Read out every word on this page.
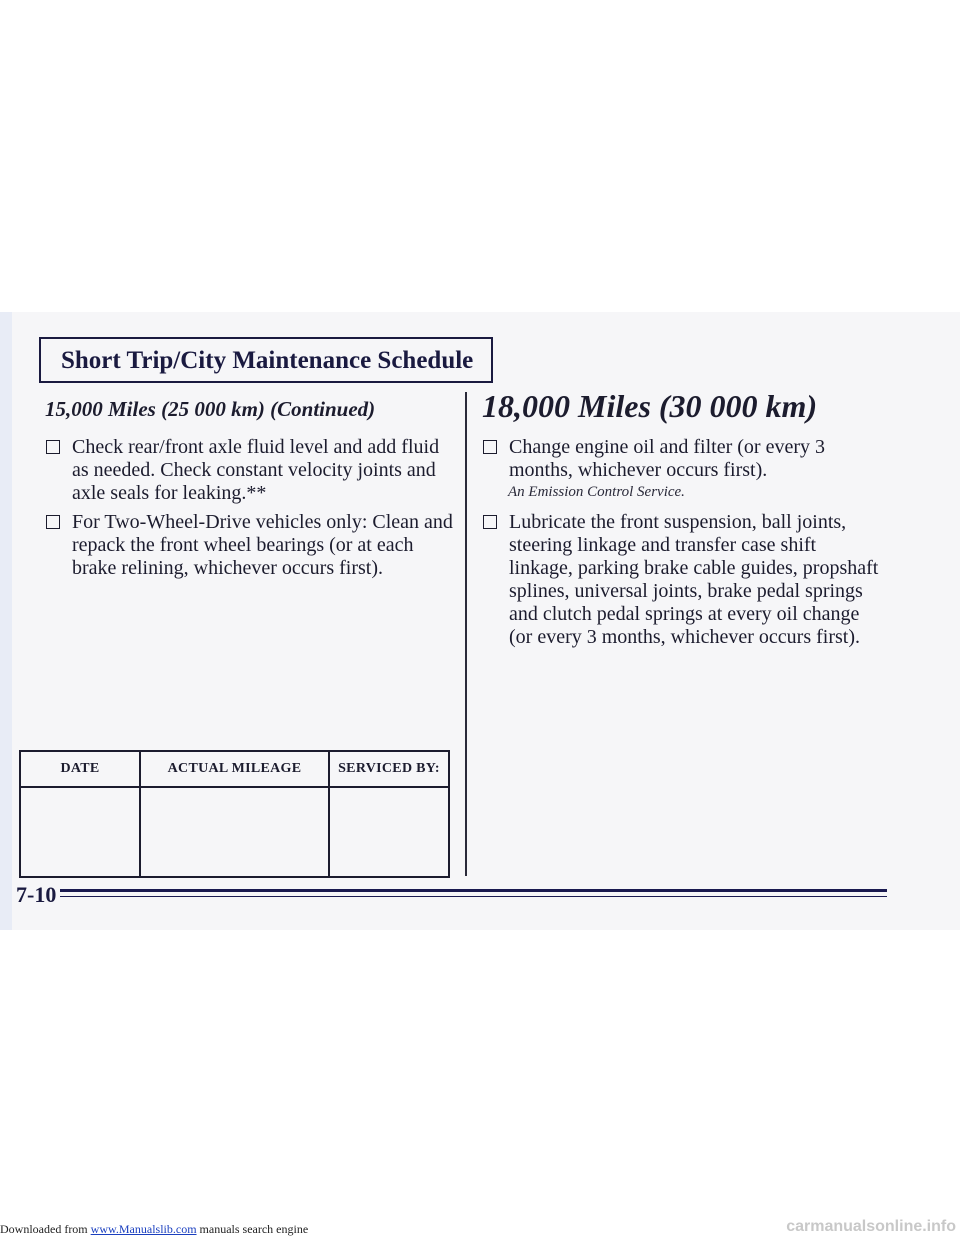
Short Trip/City Maintenance Schedule
15,000 Miles (25 000 km) (Continued)
Check rear/front axle fluid level and add fluid as needed. Check constant velocity joints and axle seals for leaking.**
For Two-Wheel-Drive vehicles only: Clean and repack the front wheel bearings (or at each brake relining, whichever occurs first).
DATE	ACTUAL MILEAGE	SERVICED BY:

18,000 Miles (30 000 km)
Change engine oil and filter (or every 3 months, whichever occurs first).
An Emission Control Service.
Lubricate the front suspension, ball joints, steering linkage and transfer case shift linkage, parking brake cable guides, propshaft splines, universal joints, brake pedal springs and clutch pedal springs at every oil change (or every 3 months, whichever occurs first).
7-10
Downloaded from www.Manualslib.com manuals search engine	carmanualsonline.info
